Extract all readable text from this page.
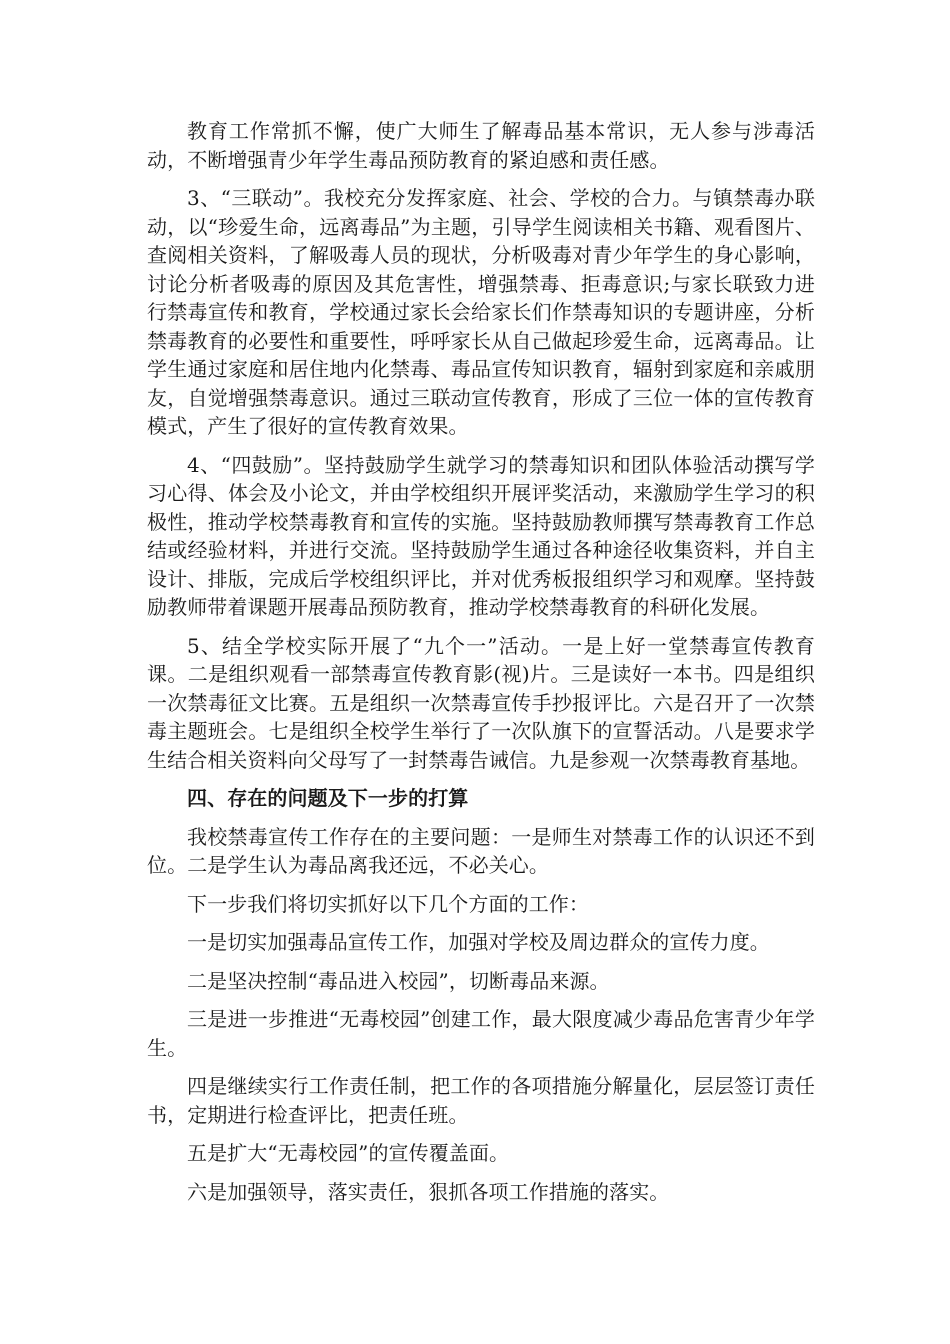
教育工作常抓不懈，使广大师生了解毒品基本常识，无人参与涉毒活动，不断增强青少年学生毒品预防教育的紧迫感和责任感。

3、“三联动”。我校充分发挥家庭、社会、学校的合力。与镇禁毒办联动，以“珍爱生命，远离毒品”为主题，引导学生阅读相关书籍、观看图片、查阅相关资料，了解吸毒人员的现状，分析吸毒对青少年学生的身心影响，讨论分析者吸毒的原因及其危害性，增强禁毒、拒毒意识;与家长联致力进行禁毒宣传和教育，学校通过家长会给家长们作禁毒知识的专题讲座，分析禁毒教育的必要性和重要性，呼呼家长从自己做起珍爱生命，远离毒品。让学生通过家庭和居住地内化禁毒、毒品宣传知识教育，辐射到家庭和亲戚朋友，自觉增强禁毒意识。通过三联动宣传教育，形成了三位一体的宣传教育模式，产生了很好的宣传教育效果。

4、“四鼓励”。坚持鼓励学生就学习的禁毒知识和团队体验活动撰写学习心得、体会及小论文，并由学校组织开展评奖活动，来激励学生学习的积极性，推动学校禁毒教育和宣传的实施。坚持鼓励教师撰写禁毒教育工作总结或经验材料，并进行交流。坚持鼓励学生通过各种途径收集资料，并自主设计、排版，完成后学校组织评比，并对优秀板报组织学习和观摩。坚持鼓励教师带着课题开展毒品预防教育，推动学校禁毒教育的科研化发展。

5、结全学校实际开展了“九个一”活动。一是上好一堂禁毒宣传教育课。二是组织观看一部禁毒宣传教育影(视)片。三是读好一本书。四是组织一次禁毒征文比赛。五是组织一次禁毒宣传手抄报评比。六是召开了一次禁毒主题班会。七是组织全校学生举行了一次队旗下的宣誓活动。八是要求学生结合相关资料向父母写了一封禁毒告诫信。九是参观一次禁毒教育基地。

四、存在的问题及下一步的打算

我校禁毒宣传工作存在的主要问题：一是师生对禁毒工作的认识还不到位。二是学生认为毒品离我还远，不必关心。

下一步我们将切实抓好以下几个方面的工作：

一是切实加强毒品宣传工作，加强对学校及周边群众的宣传力度。

二是坚决控制“毒品进入校园”，切断毒品来源。

三是进一步推进“无毒校园”创建工作，最大限度减少毒品危害青少年学生。

四是继续实行工作责任制，把工作的各项措施分解量化，层层签订责任书，定期进行检查评比，把责任班。

五是扩大“无毒校园”的宣传覆盖面。

六是加强领导，落实责任，狠抓各项工作措施的落实。
